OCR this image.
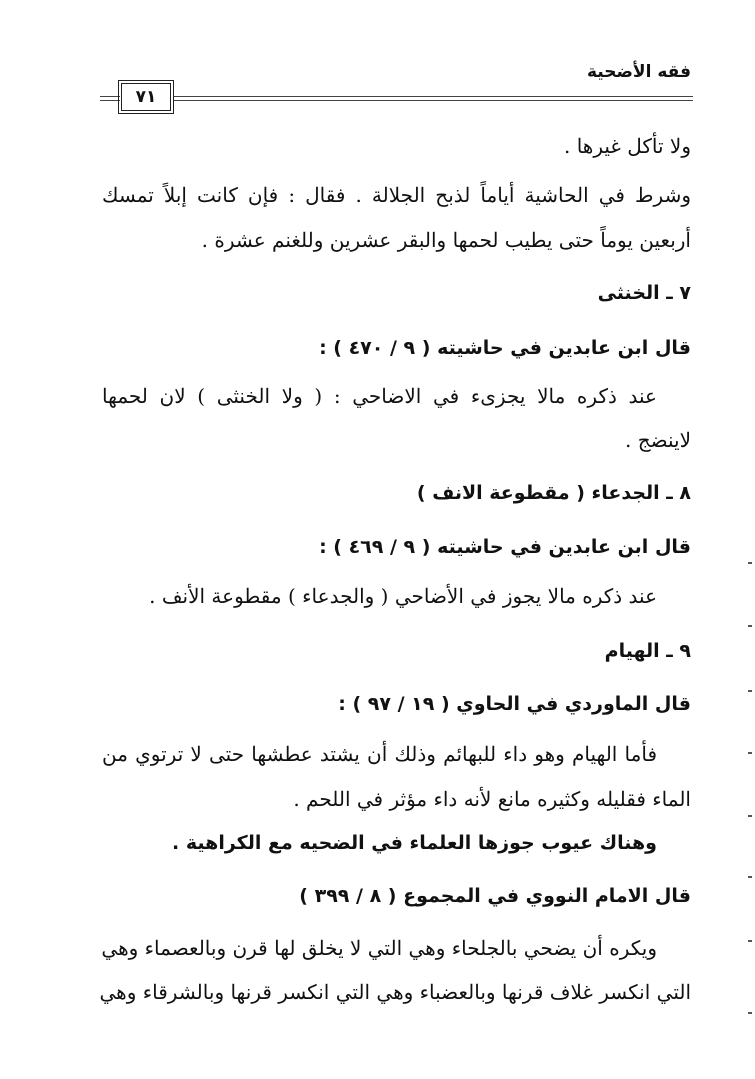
فقه الأضحية
٧١
ولا تأكل غيرها .
وشرط في الحاشية أياماً لذبح الجلالة . فقال : فإن كانت إبلاً تمسك
أربعين يوماً حتى يطيب لحمها والبقر عشرين وللغنم عشرة .
٧ ـ الخنثى
قال ابن عابدين في حاشيته ( ٩ / ٤٧٠ ) :
عند ذكره مالا يجزىء في الاضاحي : ( ولا الخنثى ) لان لحمها
لاينضج .
٨ ـ الجدعاء ( مقطوعة الانف )
قال ابن عابدين في حاشيته ( ٩ / ٤٦٩ ) :
عند ذكره مالا يجوز في الأضاحي ( والجدعاء ) مقطوعة الأنف .
٩ ـ الهيام
قال الماوردي في الحاوي ( ١٩ / ٩٧ ) :
فأما الهيام وهو داء للبهائم وذلك أن يشتد عطشها حتى لا ترتوي من
الماء فقليله وكثيره مانع لأنه داء مؤثر في اللحم .
وهناك عيوب جوزها العلماء في الضحيه مع الكراهية .
قال الامام النووي في المجموع ( ٨ / ٣٩٩ )
ويكره أن يضحي بالجلحاء وهي التي لا يخلق لها قرن وبالعصماء وهي
التي انكسر غلاف قرنها وبالعضباء وهي التي انكسر قرنها وبالشرقاء وهي
